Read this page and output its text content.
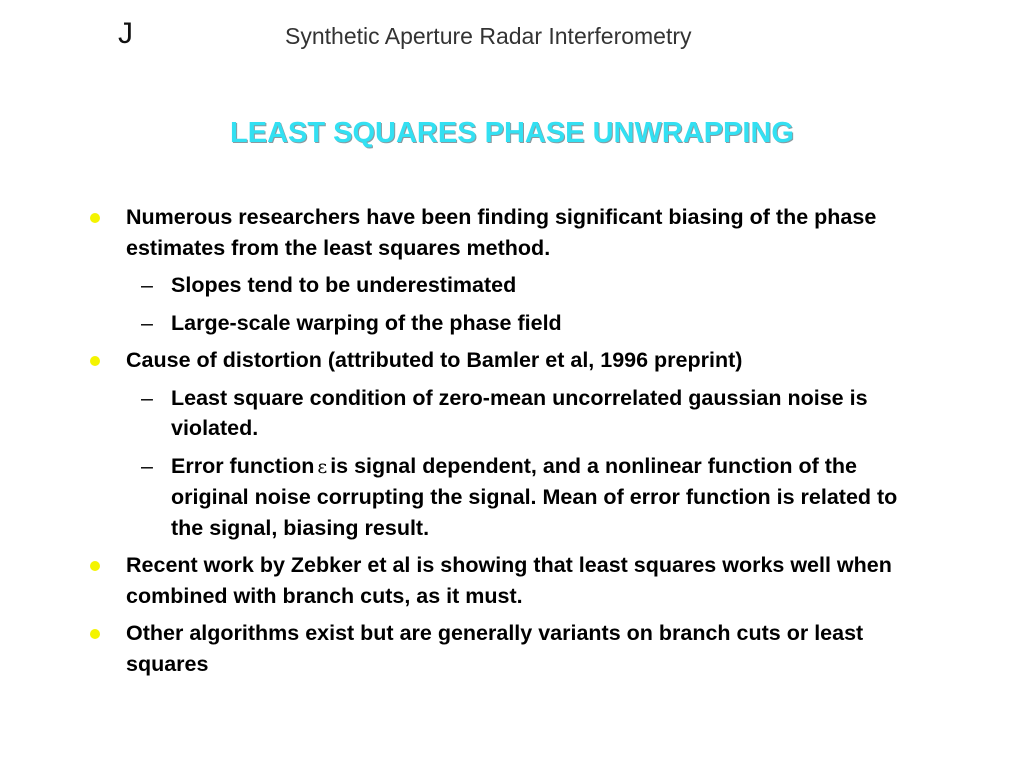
J	Synthetic Aperture Radar Interferometry
LEAST SQUARES PHASE UNWRAPPING
Numerous researchers have been finding significant biasing of the phase estimates from the least squares method.
– Slopes tend to be underestimated
– Large-scale warping of the phase field
Cause of distortion (attributed to Bamler et al, 1996 preprint)
– Least square condition of zero-mean uncorrelated gaussian noise is violated.
– Error function ε is signal dependent, and a nonlinear function of the original noise corrupting the signal. Mean of error function is related to the signal, biasing result.
Recent work by Zebker et al is showing that least squares works well when combined with branch cuts, as it must.
Other algorithms exist but are generally variants on branch cuts or least squares
